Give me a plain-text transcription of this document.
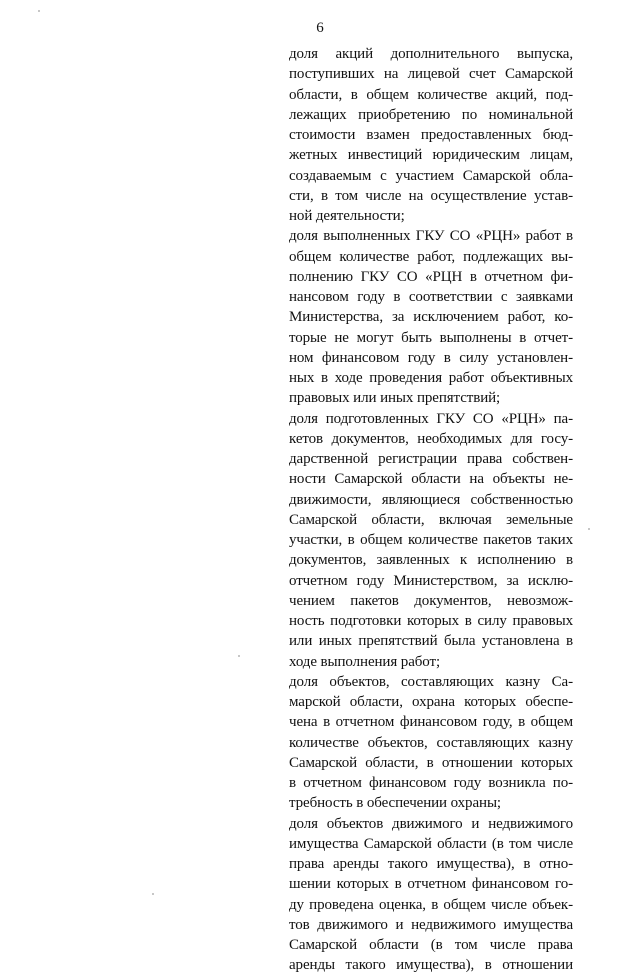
6
доля акций дополнительного выпуска,
поступивших на лицевой счет Самарской
области, в общем количестве акций, под-
лежащих приобретению по номинальной
стоимости взамен предоставленных бюд-
жетных инвестиций юридическим лицам,
создаваемым с участием Самарской обла-
сти, в том числе на осуществление устав-
ной деятельности;
доля выполненных ГКУ СО «РЦН» работ в
общем количестве работ, подлежащих вы-
полнению ГКУ СО «РЦН в отчетном фи-
нансовом году в соответствии с заявками
Министерства, за исключением работ, ко-
торые не могут быть выполнены в отчет-
ном финансовом году в силу установлен-
ных в ходе проведения работ объективных
правовых или иных препятствий;
доля подготовленных ГКУ СО «РЦН» па-
кетов документов, необходимых для госу-
дарственной регистрации права собствен-
ности Самарской области на объекты не-
движимости, являющиеся собственностью
Самарской области, включая земельные
участки, в общем количестве пакетов таких
документов, заявленных к исполнению в
отчетном году Министерством, за исклю-
чением пакетов документов, невозмож-
ность подготовки которых в силу правовых
или иных препятствий была установлена в
ходе выполнения работ;
доля объектов, составляющих казну Са-
марской области, охрана которых обеспе-
чена в отчетном финансовом году, в общем
количестве объектов, составляющих казну
Самарской области, в отношении которых
в отчетном финансовом году возникла по-
требность в обеспечении охраны;
доля объектов движимого и недвижимого
имущества Самарской области (в том числе
права аренды такого имущества), в отно-
шении которых в отчетном финансовом го-
ду проведена оценка, в общем числе объек-
тов движимого и недвижимого имущества
Самарской области (в том числе права
аренды такого имущества), в отношении
